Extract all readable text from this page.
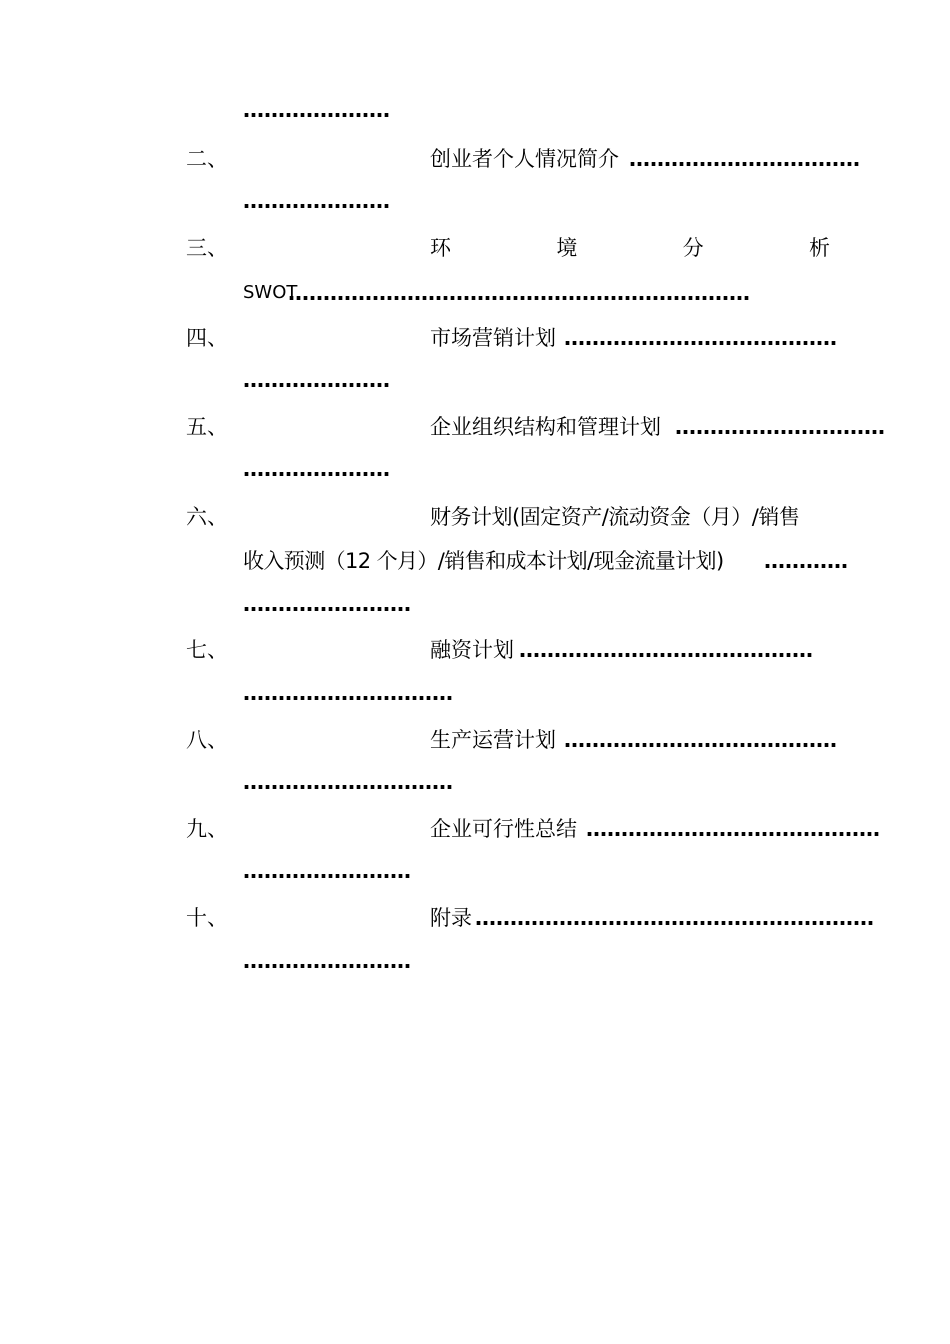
…………………
二、	创业者个人情况简介 ……………………………
…………………
三、	环	境	分	析
SWOT
…………………………………………………………
四、	市场营销计划 …………………………………
…………………
五、	企业组织结构和管理计划 …………………………
…………………
六、	财务计划(固定资产/流动资金（月）/销售
收入预测（12 个月）/销售和成本计划/现金流量计划) …………
……………………
七、	融资计划 ……………………………………
…………………………
八、	生产运营计划 …………………………………
…………………………
九、	企业可行性总结 ……………………………………
……………………
十、	附录 …………………………………………………
……………………
